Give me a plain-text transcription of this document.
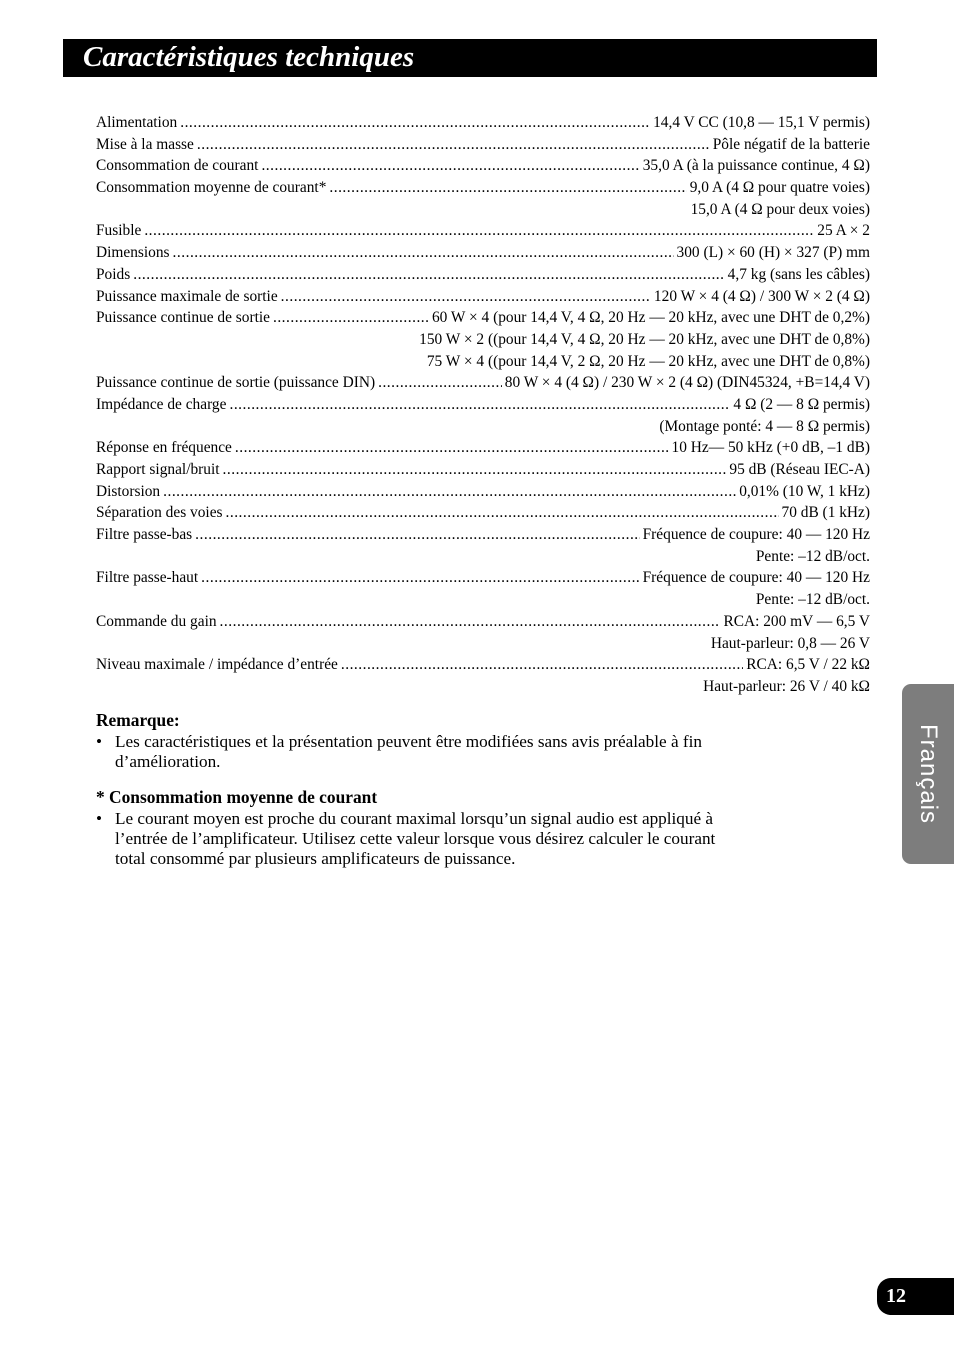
Caractéristiques techniques
Alimentation .....	14,4 V CC (10,8 — 15,1 V permis)
Mise à la masse .....	Pôle négatif de la batterie
Consommation de courant .....	35,0 A (à la puissance continue, 4 Ω)
Consommation moyenne de courant* .....	9,0 A (4 Ω pour quatre voies)
15,0 A (4 Ω pour deux voies)
Fusible .....	25 A × 2
Dimensions .....	300 (L) × 60 (H) × 327 (P) mm
Poids .....	4,7 kg (sans les câbles)
Puissance maximale de sortie .....	120 W × 4 (4 Ω) / 300 W × 2 (4 Ω)
Puissance continue de sortie .....	60 W × 4 (pour 14,4 V, 4 Ω, 20 Hz — 20 kHz, avec une DHT de 0,2%)
150 W × 2 ((pour 14,4 V, 4 Ω, 20 Hz — 20 kHz, avec une DHT de 0,8%)
75 W × 4 ((pour 14,4 V, 2 Ω, 20 Hz — 20 kHz, avec une DHT de 0,8%)
Puissance continue de sortie (puissance DIN) .....	80 W × 4 (4 Ω) / 230 W × 2 (4 Ω) (DIN45324, +B=14,4 V)
Impédance de charge .....	4 Ω (2 — 8 Ω permis)
(Montage ponté: 4 — 8 Ω permis)
Réponse en fréquence .....	10 Hz— 50 kHz (+0 dB, –1 dB)
Rapport signal/bruit .....	95 dB (Réseau IEC-A)
Distorsion .....	0,01% (10 W, 1 kHz)
Séparation des voies .....	70 dB (1 kHz)
Filtre passe-bas .....	Fréquence de coupure: 40 — 120 Hz
Pente: –12 dB/oct.
Filtre passe-haut .....	Fréquence de coupure: 40 — 120 Hz
Pente: –12 dB/oct.
Commande du gain .....	RCA: 200 mV — 6,5 V
Haut-parleur: 0,8 — 26 V
Niveau maximale / impédance d’entrée .....	RCA: 6,5 V / 22 kΩ
Haut-parleur: 26 V / 40 kΩ
Remarque:
• Les caractéristiques et la présentation peuvent être modifiées sans avis préalable à fin d’amélioration.
* Consommation moyenne de courant
• Le courant moyen est proche du courant maximal lorsqu’un signal audio est appliqué à l’entrée de l’amplificateur. Utilisez cette valeur lorsque vous désirez calculer le courant total consommé par plusieurs amplificateurs de puissance.
Français
12
